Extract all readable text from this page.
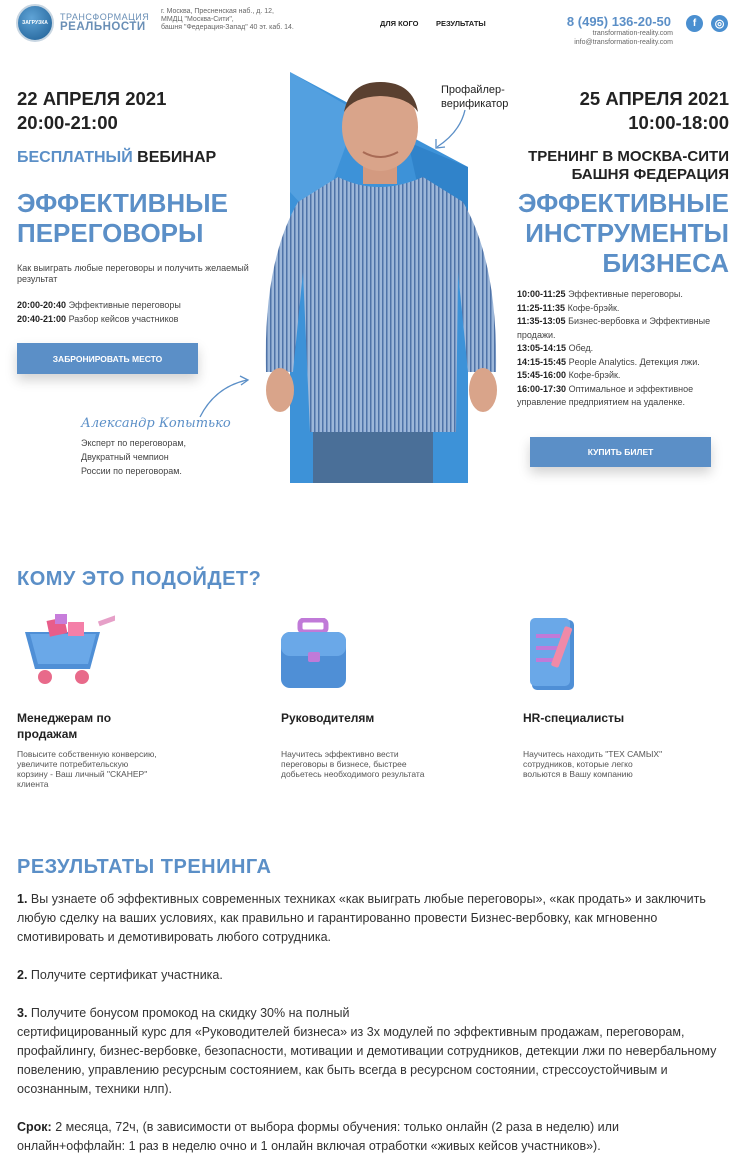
ЗАГРУЗКА
ТРАНСФОРМАЦИЯ
РЕАЛЬНОСТИ
г. Москва, Пресненская наб., д. 12,
ММДЦ "Москва-Сити",
башня "Федерация-Запад" 40 эт. каб. 14.	ДЛЯ КОГО РЕЗУЛЬТАТЫ	8 (495) 136-20-50
transformation-reality.com
info@transformation-reality.com
f	◎
22 АПРЕЛЯ 2021
20:00-21:00
БЕСПЛАТНЫЙ ВЕБИНАР
ЭФФЕКТИВНЫЕ
ПЕРЕГОВОРЫ
Как выиграть любые переговоры и получить желаемый результат
20:00-20:40 Эффективные переговоры
20:40-21:00 Разбор кейсов участников
ЗАБРОНИРОВАТЬ МЕСТО
Александр Копытько
Эксперт по переговорам,
Двукратный чемпион
России по переговорам.
Профайлер-
верификатор	25 АПРЕЛЯ 2021
10:00-18:00
ТРЕНИНГ В МОСКВА-СИТИ
БАШНЯ ФЕДЕРАЦИЯ
ЭФФЕКТИВНЫЕ
ИНСТРУМЕНТЫ
БИЗНЕСА
10:00-11:25 Эффективные переговоры.
11:25-11:35 Кофе-брэйк.
11:35-13:05 Бизнес-вербовка и Эффективные продажи.
13:05-14:15 Обед.
14:15-15:45 People Analytics. Детекция лжи.
15:45-16:00 Кофе-брэйк.
16:00-17:30 Оптимальное и эффективное управление предприятием на удаленке.
КУПИТЬ БИЛЕТ
КОМУ ЭТО ПОДОЙДЕТ?
Менеджерам по
продажам
Повысите собственную конверсию,
увеличите потребительскую
корзину - Ваш личный "СКАНЕР"
клиента
Руководителям
Научитесь эффективно вести
переговоры в бизнесе, быстрее
добьетесь необходимого результата
HR-специалисты
Научитесь находить "ТЕХ САМЫХ"
сотрудников, которые легко
вольются в Вашу компанию
РЕЗУЛЬТАТЫ ТРЕНИНГА
1. Вы узнаете об эффективных современных техниках «как выиграть любые переговоры», «как продать» и заключить любую сделку на ваших условиях, как правильно и гарантированно провести Бизнес-вербовку, как мгновенно смотивировать и демотивировать любого сотрудника.
2. Получите сертификат участника.
3. Получите бонусом промокод на скидку 30% на полный
сертифицированный курс для «Руководителей бизнеса» из 3х модулей по эффективным продажам, переговорам, профайлингу, бизнес-вербовке, безопасности, мотивации и демотивации сотрудников, детекции лжи по невербальному повелению, управлению ресурсным состоянием, как быть всегда в ресурсном состоянии, стрессоустойчивым и осознанным, техники нлп).
Срок: 2 месяца, 72ч, (в зависимости от выбора формы обучения: только онлайн (2 раза в неделю) или онлайн+оффлайн: 1 раз в неделю очно и 1 онлайн включая отработки «живых кейсов участников»).
